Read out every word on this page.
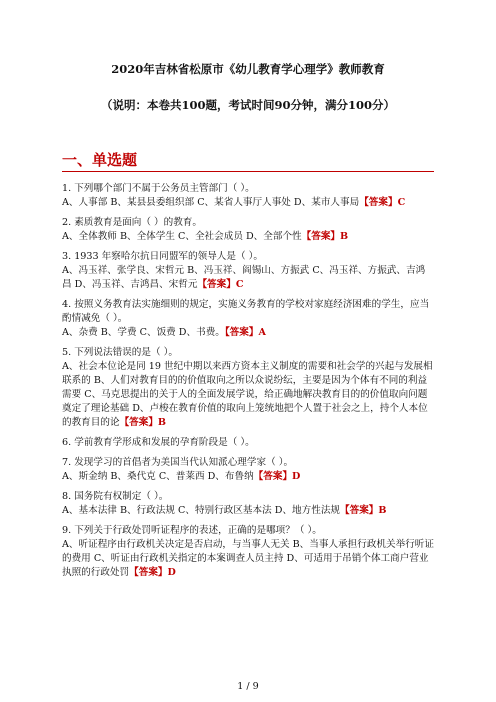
2020年吉林省松原市《幼儿教育学心理学》教师教育
（说明：本卷共100题，考试时间90分钟，满分100分）
一、单选题

1. 下列哪个部门不属于公务员主管部门（ ）。

A、人事部 B、某县县委组织部 C、某省人事厅人事处 D、某市人事局【答案】C

2. 素质教育是面向（ ）的教育。

A、全体教师 B、全体学生 C、全社会成员 D、全部个性【答案】B

3. 1933 年察哈尔抗日同盟军的领导人是（ ）。

A、冯玉祥、张学良、宋哲元 B、冯玉祥、阎锡山、方振武 C、冯玉祥、方振武、吉鸿昌 D、冯玉祥、吉鸿昌、宋哲元【答案】C

4. 按照义务教育法实施细则的规定，实施义务教育的学校对家庭经济困难的学生，应当酌情减免（ ）。

A、杂费 B、学费 C、饭费 D、书费。【答案】A

5. 下列说法错误的是（ ）。

A、社会本位论是同 19 世纪中期以来西方资本主义制度的需要和社会学的兴起与发展相联系的 B、人们对教育目的的价值取向之所以众说纷纭，主要是因为个体有不同的利益需要 C、马克思提出的关于人的全面发展学说，给正确地解决教育目的的价值取向问题奠定了理论基础 D、卢梭在教育价值的取向上笼统地把个人置于社会之上，持个人本位的教育目的论【答案】B

6. 学前教育学形成和发展的孕育阶段是（ ）。

7. 发现学习的首倡者为美国当代认知派心理学家（ ）。

A、斯金纳 B、桑代克 C、普莱西 D、布鲁纳【答案】D

8. 国务院有权制定（ ）。

A、基本法律 B、行政法规 C、特别行政区基本法 D、地方性法规【答案】B

9. 下列关于行政处罚听证程序的表述，正确的是哪项？（ ）。

A、听证程序由行政机关决定是否启动，与当事人无关 B、当事人承担行政机关举行听证的费用 C、听证由行政机关指定的本案调查人员主持 D、可适用于吊销个体工商户营业执照的行政处罚【答案】D

1 / 9
